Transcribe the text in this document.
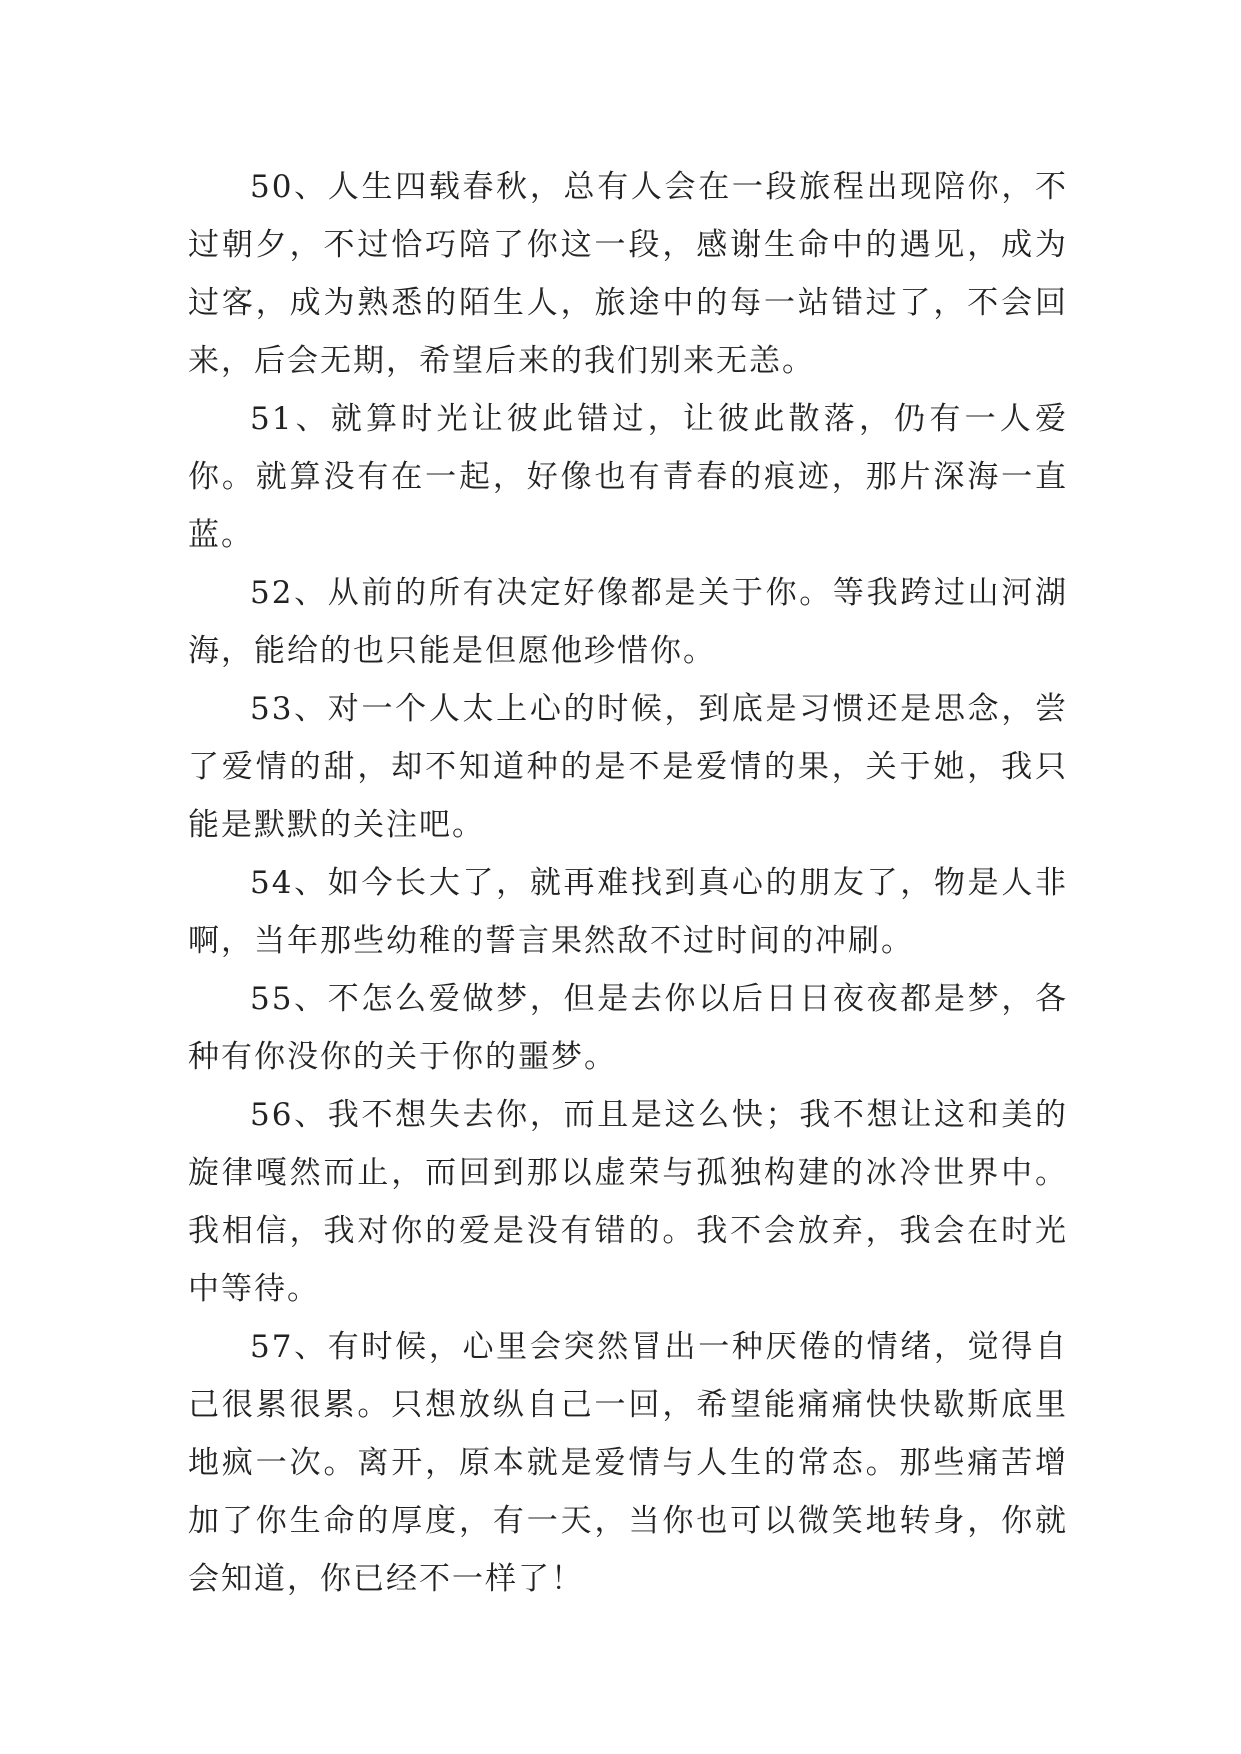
50、人生四载春秋，总有人会在一段旅程出现陪你，不过朝夕，不过恰巧陪了你这一段，感谢生命中的遇见，成为过客，成为熟悉的陌生人，旅途中的每一站错过了，不会回来，后会无期，希望后来的我们别来无恙。

51、就算时光让彼此错过，让彼此散落，仍有一人爱你。就算没有在一起，好像也有青春的痕迹，那片深海一直蓝。

52、从前的所有决定好像都是关于你。等我跨过山河湖海，能给的也只能是但愿他珍惜你。

53、对一个人太上心的时候，到底是习惯还是思念，尝了爱情的甜，却不知道种的是不是爱情的果，关于她，我只能是默默的关注吧。

54、如今长大了，就再难找到真心的朋友了，物是人非啊，当年那些幼稚的誓言果然敌不过时间的冲刷。

55、不怎么爱做梦，但是去你以后日日夜夜都是梦，各种有你没你的关于你的噩梦。

56、我不想失去你，而且是这么快；我不想让这和美的旋律嘎然而止，而回到那以虚荣与孤独构建的冰冷世界中。我相信，我对你的爱是没有错的。我不会放弃，我会在时光中等待。

57、有时候，心里会突然冒出一种厌倦的情绪，觉得自己很累很累。只想放纵自己一回，希望能痛痛快快歇斯底里地疯一次。离开，原本就是爱情与人生的常态。那些痛苦增加了你生命的厚度，有一天，当你也可以微笑地转身，你就会知道，你已经不一样了！
